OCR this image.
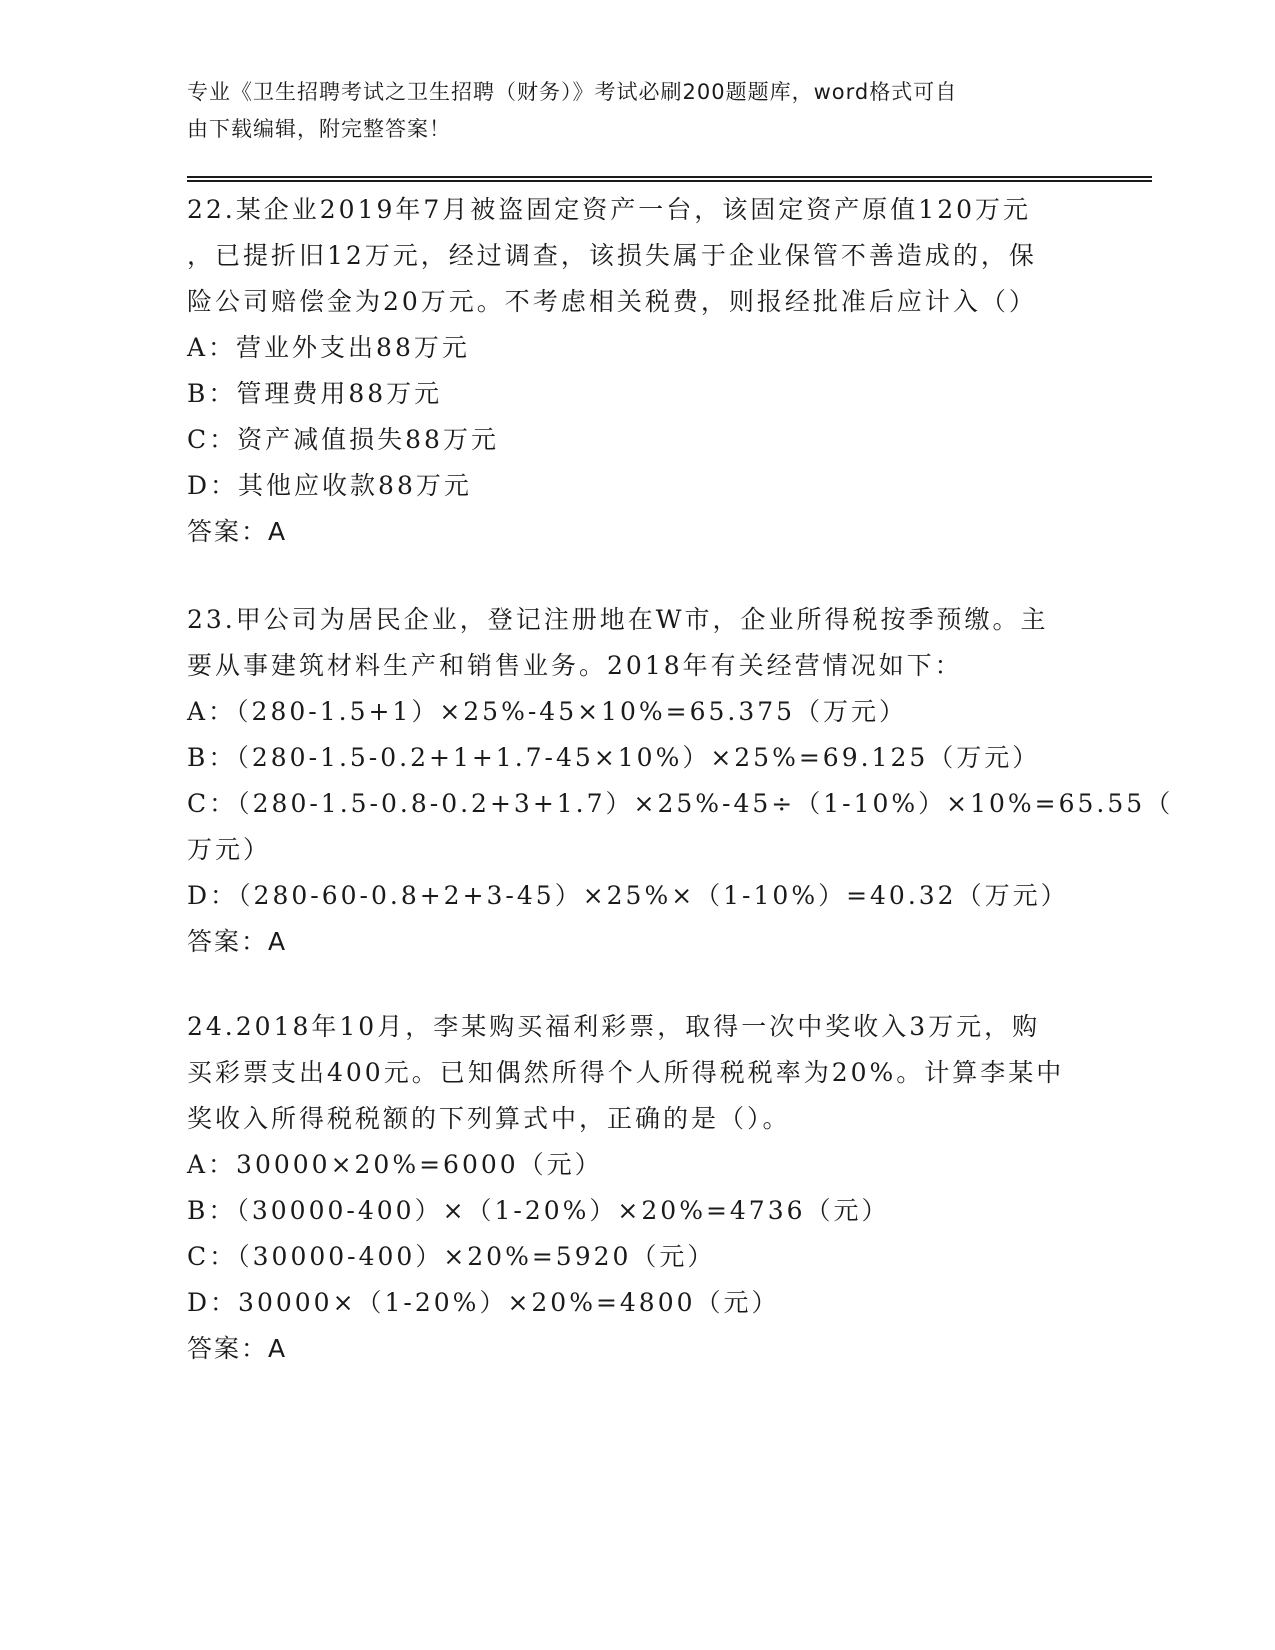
专业《卫生招聘考试之卫生招聘（财务）》考试必刷200题题库，word格式可自
由下载编辑，附完整答案！
22.某企业2019年7月被盗固定资产一台，该固定资产原值120万元
，已提折旧12万元，经过调查，该损失属于企业保管不善造成的，保
险公司赔偿金为20万元。不考虑相关税费，则报经批准后应计入（）
A：营业外支出88万元
B：管理费用88万元
C：资产减值损失88万元
D：其他应收款88万元
答案：A
23.甲公司为居民企业，登记注册地在W市，企业所得税按季预缴。主
要从事建筑材料生产和销售业务。2018年有关经营情况如下：
A：（280-1.5+1）×25%-45×10%=65.375（万元）
B：（280-1.5-0.2+1+1.7-45×10%）×25%=69.125（万元）
C：（280-1.5-0.8-0.2+3+1.7）×25%-45÷（1-10%）×10%=65.55（
万元）
D：（280-60-0.8+2+3-45）×25%×（1-10%）=40.32（万元）
答案：A
24.2018年10月，李某购买福利彩票，取得一次中奖收入3万元，购
买彩票支出400元。已知偶然所得个人所得税税率为20%。计算李某中
奖收入所得税税额的下列算式中，正确的是（）。
A：30000×20%=6000（元）
B：（30000-400）×（1-20%）×20%=4736（元）
C：（30000-400）×20%=5920（元）
D：30000×（1-20%）×20%=4800（元）
答案：A
